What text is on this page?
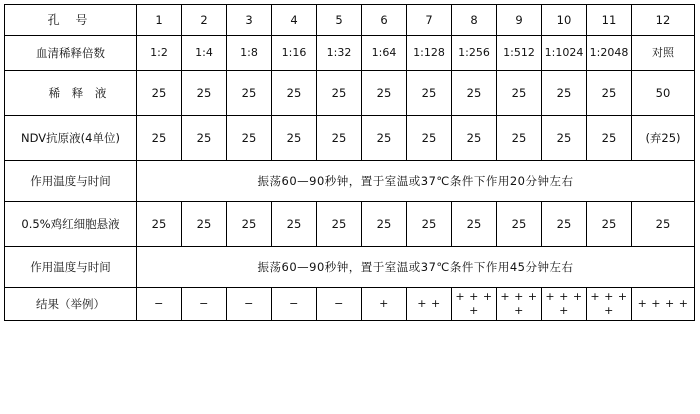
孔 号	1	2	3	4	5	6	7	8	9	10	11	12
血清稀释倍数	1:2	1:4	1:8	1:16	1:32	1:64	1:128	1:256	1:512	1:1024	1:2048	对照
稀 释 液	25	25	25	25	25	25	25	25	25	25	25	50
NDV抗原液(4单位)	25	25	25	25	25	25	25	25	25	25	25	(弃25)
作用温度与时间	振荡60—90秒钟，置于室温或37℃条件下作用20分钟左右											
0.5%鸡红细胞悬液	25	25	25	25	25	25	25	25	25	25	25	25
作用温度与时间	振荡60—90秒钟，置于室温或37℃条件下作用45分钟左右											
结果（举例）	−	−	−	−	−	+	+ +	+ + + +	+ + + +	+ + + +	+ + + +	+ + + +
